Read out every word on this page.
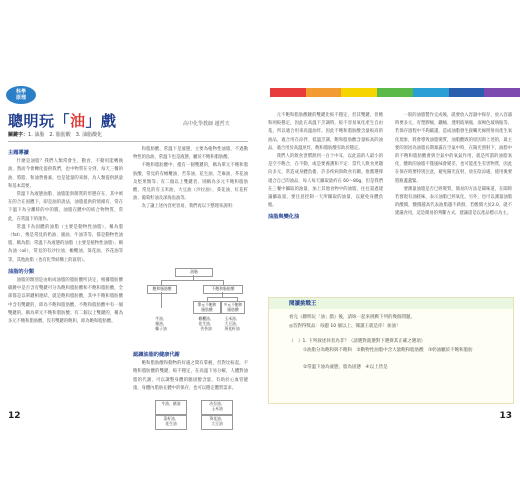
科學
原理
聰明玩「油」戲	高中化學教師 趙哲夫
關鍵字：1. 油脂　2. 脂肪酸　3. 油脂酸化
主題導讀

什麼是油脂？我們人類常會生、動食，不動用能轉換油，然而今會轉化提供我們，也中物質在分到，每天三餐的油，將脂，和油營養素，也是能量的來源，為人類提供熱量和基本需要。

常溫下為液態油脂、油脂能與簡質的形態存在，其中被在的合在固體下，即是油的說法，油脂提供的情緒有，常在下溫下為分離時的中的膜，油脂在體中的結合物物質，常此，在常溫下的運作。

常溫下為固體的油脂（主要是動物性油脂），稱為脂（fat），像是常見的奶油、豬油、牛油等等，都是動物性油脂，稱為脂；常溫下為液態的油脂（主要是植物性油脂），稱為油（oil），常見的有沙拉油、橄欖油、葵花油、芥花油等等，其他油脂（也有化學結構上的區別）。

油脂的分類

油脂的類別是由組成油脂的脂肪酸所決定，根據脂肪酸碳鏈中是否含有雙鍵可分為飽和脂肪酸和不飽和脂肪酸，全部都是以單鍵相連結，就是飽和脂肪酸，其中不飽和脂肪酸中含有雙鍵的，即為不飽和脂肪酸，不飽和脂肪酸中有一個雙鍵的，稱為單元不飽和脂肪酸；有二個以上雙鍵的，稱為多元不飽和脂肪酸，沒有雙鍵的飽和，即為飽和脂肪酸。

和脂肪酸，常溫下是液態，主要為植物性油脂，不過動物性的魚油，常溫下也是液態，屬於不飽和脂肪酸。

不飽和脂肪酸中，僅有一個雙鍵的，稱為單元不飽和脂肪酸，常見的有橄欖油、苦茶油、花生油、芝麻油、芥花油及堅果類等；有二個以上雙鍵者，則稱為多元不飽和脂肪酸，常見的有玉米油、大豆油（沙拉油）、葵花油、紅花籽油、葡萄籽油及深海魚油等。

為了讓上述內容更容易，我們再以下整理來說明：

油脂
飽和脂肪酸	不飽和脂肪酸
單元不飽和
脂肪酸
多元不飽和
脂肪酸
牛油、
豬油、
椰子油
橄欖油、
花生油、
苦茶油
玉米油、
大豆油、
葵花籽油
認識油脂的健康代謝

飽和脂肪酸和動物的好處之間有掌握，但對比較起，不飽和脂肪酸的雙鍵，較不穩定，在高溫下易分解，人體對油脂的代謝，可以調整身體的膽固醇含量，有助於心血管健康，身體內脂肪在體中的保存，也可以穩定體質需求。

牛油、豬油	沙拉油、
玉米油
菜籽油、
花生油
葵花油、
大豆油

元不飽和脂肪酸鏈的雙鍵比較不穩定，但其雙鍵，但飽和則較穩定，因此在高溫下烹調時，較不容易氧化產生自由基，所以適合用來高溫油炸。因此不飽和脂肪酸含量較高的油品，適合用在涼拌、低溫烹調，飽和脂肪酸含量較高的油品，適合用於高溫煎炸，飽和脂肪酸有助於穩定。

我們人的飲食習慣熱到一百十中耳，以此前的人最小的是空不飽合，在不動，或是要養護和不定：當代人飲食更趨向多元，常造成身體負擔，許多疾病與飲食有關。推薦選擇適合自己的油品，每人每天攝取量約在 60～80g，但是我們在三餐中攝取的油量，加上其他食物中的油脂，往往超過建議攝取量，要注意控制一天所攝取的油量，以避免身體負擔。

油脂與變化油

一般的油脂製作完成後，就要放入容器中保存，放入容器時要多元，有塑膠桶、鐵桶、透明玻璃瓶、深褐色玻璃瓶等，若保存過程中不夠嚴謹，造成油脂發生接觸光線照射而產生氧化現象，將會導致油脂變質，油脂酸敗的原因與上述的，最主要的原因為油脂長期暴露在空氣中時，在陽光照射下，油脂中的不飽和脂肪酸會與空氣中的氧氣作用，就是所謂的油脂氧化，酸敗的油脂不僅風味會變差，也可能產生有害物質，因此在保存時要特別注意，避免陽光直射，放在陰涼處，使用後要將瓶蓋蓋緊。

要測量油脂是否已經變質，簡易的方法是聞味道，在聞時若發現有油耗味，表示油脂已經氧化。另外，也可以測量油脂的酸價，酸價越高代表油脂越不新鮮，若酸價大於2.0，就不建議食用，這是簡易的判斷方式，建議還是以產品標示為主。

閱讀挑戰王
看完《聰明玩「油」戲》後，請妳一起來挑戰下列的幾個問題。
◎答對得獎品：每題 10 個以上、閱讀王就是你！加油！
（　）1. 下列敘述何者為非？（請選對就選對下選擇其正確之選項）
①油脂分為飽和與不飽和　②動物性油脂中含大量飽和脂肪酸　③奶油屬於不飽和脂肪
②常溫下油為液態，脂為固態　④以上皆是
12	13
